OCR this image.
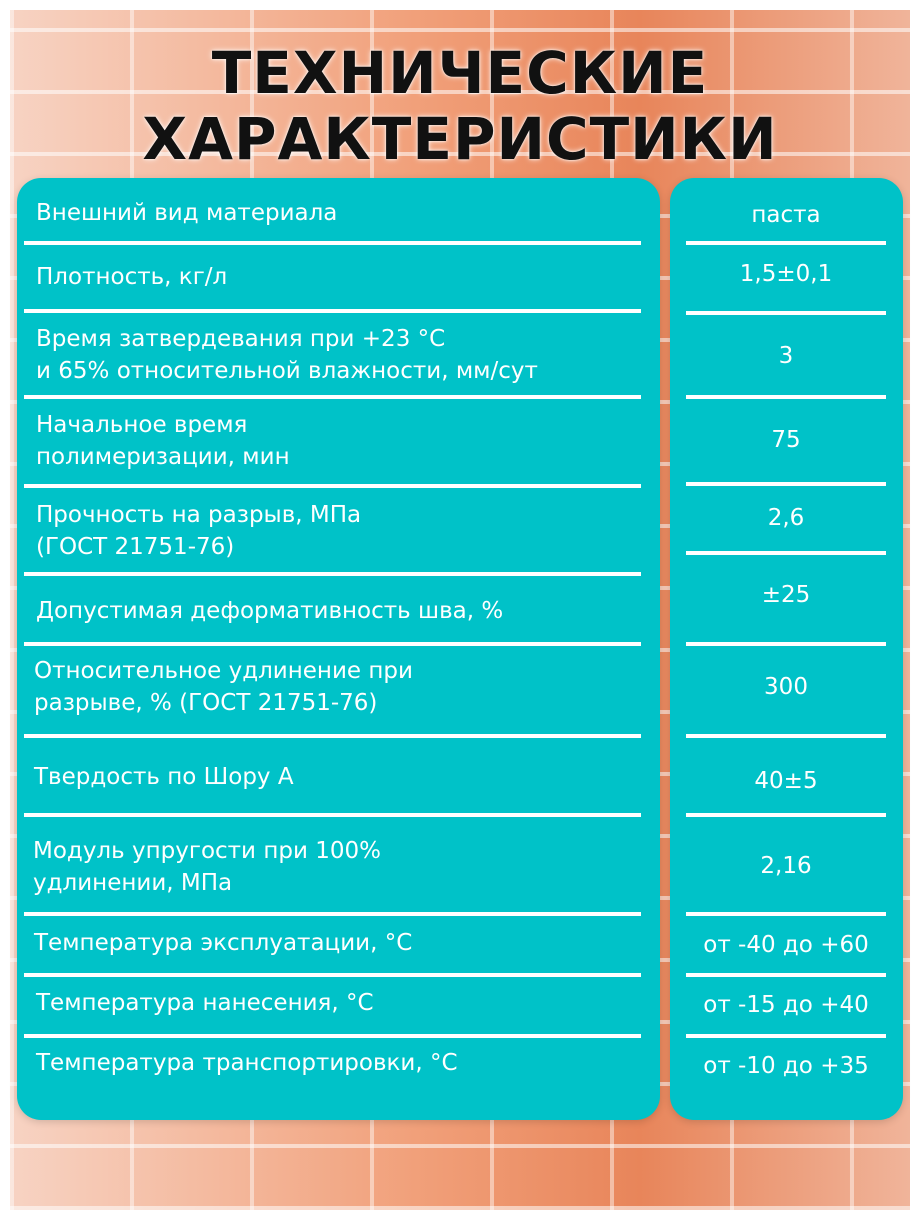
ТЕХНИЧЕСКИЕ
ХАРАКТЕРИСТИКИ
Внешний вид материала
Плотность, кг/л
Время затвердевания при +23 °С
и 65% относительной влажности, мм/сут
Начальное время
полимеризации, мин
Прочность на разрыв, МПа
(ГОСТ 21751-76)
Допустимая деформативность шва, %
Относительное удлинение при
разрыве, % (ГОСТ 21751-76)
Твердость по Шору А
Модуль упругости при 100%
удлинении, МПа
Температура эксплуатации, °С
Температура нанесения, °С
Температура транспортировки, °С
паста
1,5±0,1
3
75
2,6
±25
300
40±5
2,16
от -40 до +60
от -15 до +40
от -10 до +35
